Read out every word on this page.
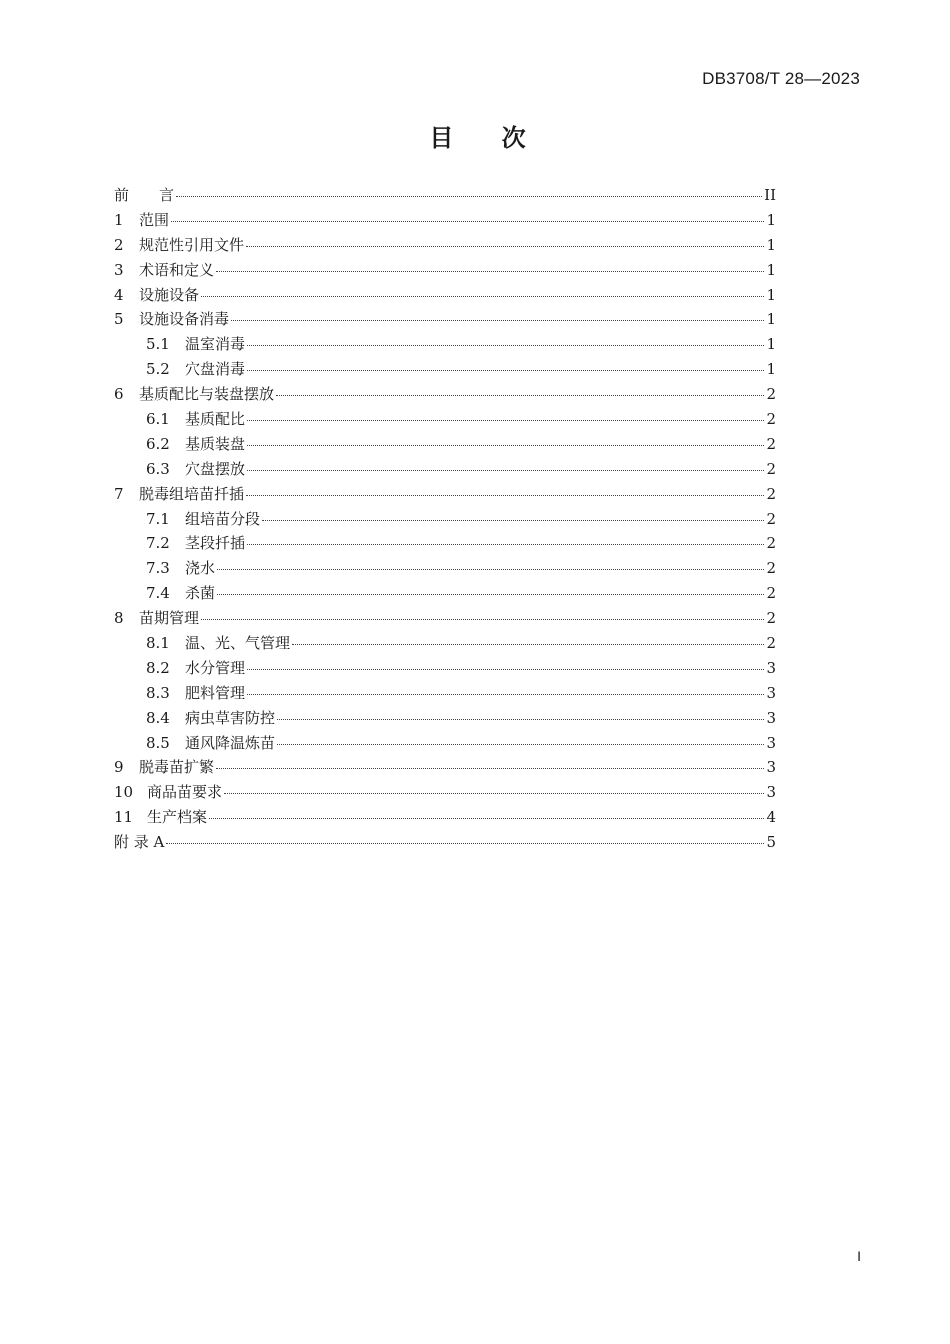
DB3708/T 28—2023
目 次
前　　言	II
1	范围	1
2	规范性引用文件	1
3	术语和定义	1
4	设施设备	1
5	设施设备消毒	1
5.1	温室消毒	1
5.2	穴盘消毒	1
6	基质配比与装盘摆放	2
6.1	基质配比	2
6.2	基质装盘	2
6.3	穴盘摆放	2
7	脱毒组培苗扦插	2
7.1	组培苗分段	2
7.2	茎段扦插	2
7.3	浇水	2
7.4	杀菌	2
8	苗期管理	2
8.1	温、光、气管理	2
8.2	水分管理	3
8.3	肥料管理	3
8.4	病虫草害防控	3
8.5	通风降温炼苗	3
9	脱毒苗扩繁	3
10 商品苗要求	3
11 生产档案	4
附 录 A	5
I
